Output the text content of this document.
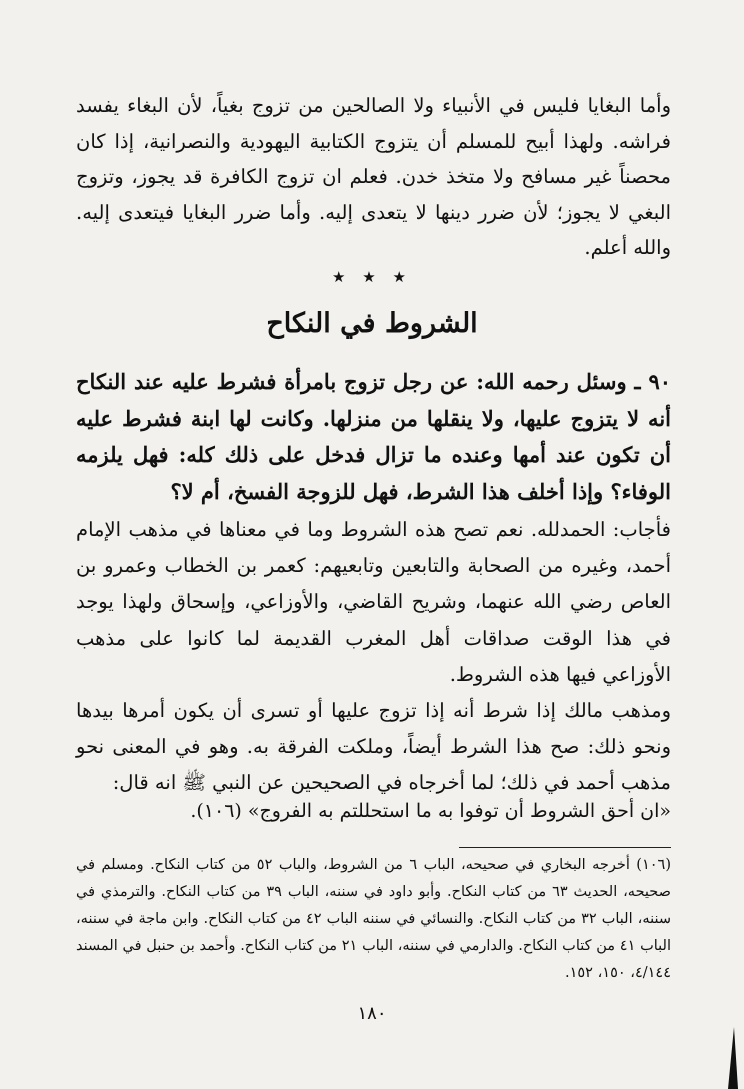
وأما البغايا فليس في الأنبياء ولا الصالحين من تزوج بغياً، لأن البغاء يفسد فراشه. ولهذا أبيح للمسلم أن يتزوج الكتابية اليهودية والنصرانية، إذا كان محصناً غير مسافح ولا متخذ خدن. فعلم ان تزوج الكافرة قد يجوز، وتزوج البغي لا يجوز؛ لأن ضرر دينها لا يتعدى إليه. وأما ضرر البغايا فيتعدى إليه. والله أعلم.

★ ★ ★
الشروط في النكاح

٩٠ ـ وسئل رحمه الله: عن رجل تزوج بامرأة فشرط عليه عند النكاح أنه لا يتزوج عليها، ولا ينقلها من منزلها. وكانت لها ابنة فشرط عليه أن تكون عند أمها وعنده ما تزال فدخل على ذلك كله: فهل يلزمه الوفاء؟ وإذا أخلف هذا الشرط، فهل للزوجة الفسخ، أم لا؟

فأجاب: الحمدلله. نعم تصح هذه الشروط وما في معناها في مذهب الإمام أحمد، وغيره من الصحابة والتابعين وتابعيهم: كعمر بن الخطاب وعمرو بن العاص رضي الله عنهما، وشريح القاضي، والأوزاعي، وإسحاق ولهذا يوجد في هذا الوقت صداقات أهل المغرب القديمة لما كانوا على مذهب الأوزاعي فيها هذه الشروط.

ومذهب مالك إذا شرط أنه إذا تزوج عليها أو تسرى أن يكون أمرها بيدها ونحو ذلك: صح هذا الشرط أيضاً، وملكت الفرقة به. وهو في المعنى نحو مذهب أحمد في ذلك؛ لما أخرجاه في الصحيحين عن النبي ﷺ انه قال:

«ان أحق الشروط أن توفوا به ما استحللتم به الفروج» (١٠٦).

(١٠٦) أخرجه البخاري في صحيحه، الباب ٦ من الشروط، والباب ٥٢ من كتاب النكاح. ومسلم في صحيحه، الحديث ٦٣ من كتاب النكاح. وأبو داود في سننه، الباب ٣٩ من كتاب النكاح. والترمذي في سننه، الباب ٣٢ من كتاب النكاح. والنسائي في سننه الباب ٤٢ من كتاب النكاح. وابن ماجة في سننه، الباب ٤١ من كتاب النكاح. والدارمي في سننه، الباب ٢١ من كتاب النكاح. وأحمد بن حنبل في المسند ٤/١٤٤، ١٥٠، ١٥٢.

١٨٠
